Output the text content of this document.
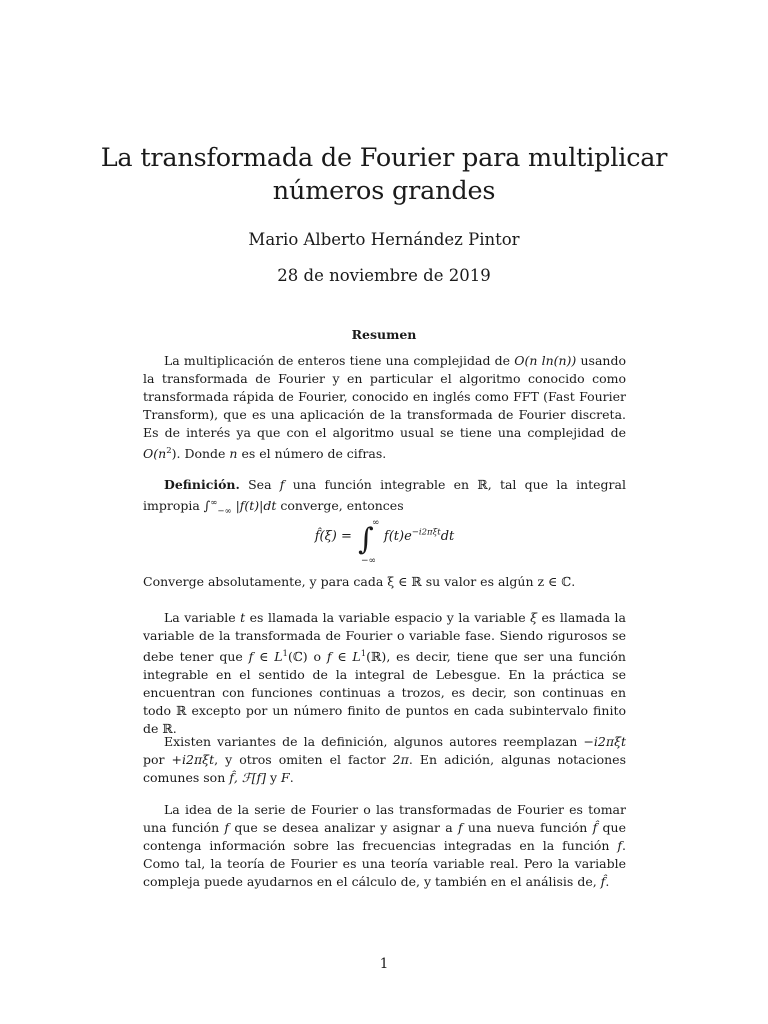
La transformada de Fourier para multiplicar números grandes
Mario Alberto Hernández Pintor
28 de noviembre de 2019
Resumen

La multiplicación de enteros tiene una complejidad de O(n ln(n)) usando la transformada de Fourier y en particular el algoritmo conocido como transformada rápida de Fourier, conocido en inglés como FFT (Fast Fourier Transform), que es una aplicación de la transformada de Fourier discreta. Es de interés ya que con el algoritmo usual se tiene una complejidad de $O(n^2)$. Donde n es el número de cifras.

Definición. Sea f una función integrable en ℝ, tal que la integral impropia $\int^\infty_{-\infty}$ |f(t)|dt converge, entonces

f̂(ξ) = ∫
∞
−∞
$f(t)e^{-i2\pi\xi t}dt$

Converge absolutamente, y para cada ξ ∈ ℝ su valor es algún z ∈ ℂ.

La variable t es llamada la variable espacio y la variable ξ es llamada la variable de la transformada de Fourier o variable fase. Siendo rigurosos se debe tener que f ∈ $L^1(ℂ)$ o f ∈ $L^1(ℝ)$, es decir, tiene que ser una función integrable en el sentido de la integral de Lebesgue. En la práctica se encuentran con funciones continuas a trozos, es decir, son continuas en todo ℝ excepto por un número finito de puntos en cada subintervalo finito de ℝ.

Existen variantes de la definición, algunos autores reemplazan −i2πξt por +i2πξt, y otros omiten el factor 2π. En adición, algunas notaciones comunes son f̂, ℱ[f] y F.

La idea de la serie de Fourier o las transformadas de Fourier es tomar una función f que se desea analizar y asignar a f una nueva función f̂ que contenga información sobre las frecuencias integradas en la función f. Como tal, la teoría de Fourier es una teoría variable real. Pero la variable compleja puede ayudarnos en el cálculo de, y también en el análisis de, f̂.

1
